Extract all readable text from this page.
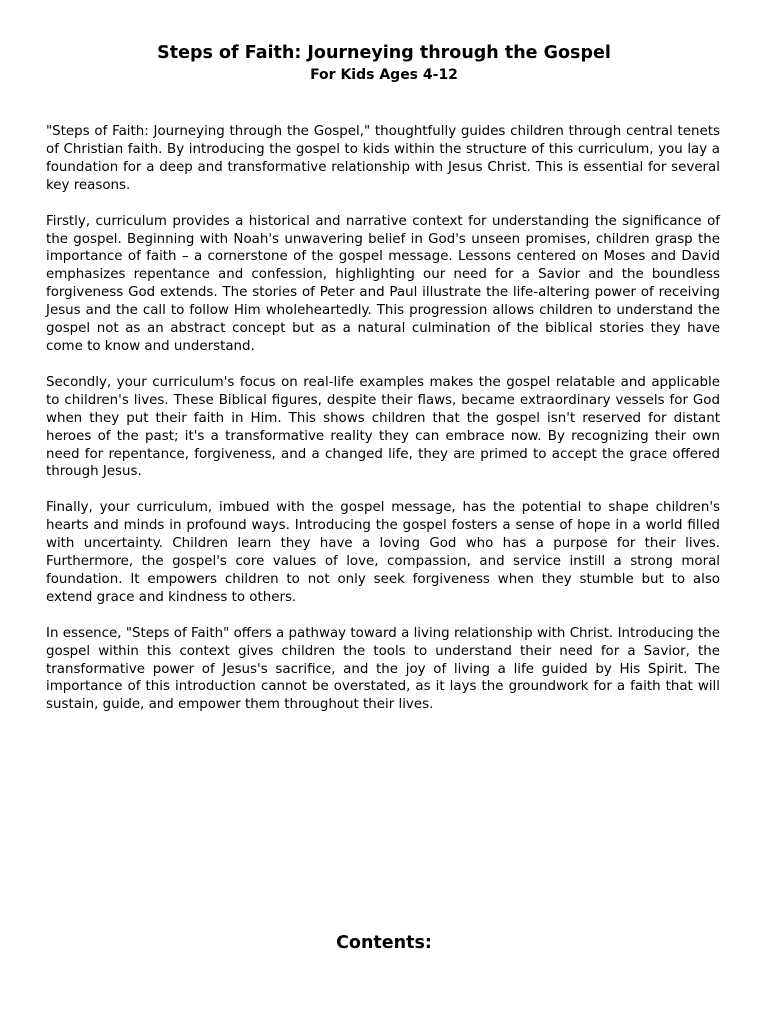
Steps of Faith: Journeying through the Gospel
For Kids Ages 4-12

"Steps of Faith: Journeying through the Gospel," thoughtfully guides children through central tenets of Christian faith. By introducing the gospel to kids within the structure of this curriculum, you lay a foundation for a deep and transformative relationship with Jesus Christ. This is essential for several key reasons.

Firstly, curriculum provides a historical and narrative context for understanding the significance of the gospel. Beginning with Noah's unwavering belief in God's unseen promises, children grasp the importance of faith – a cornerstone of the gospel message. Lessons centered on Moses and David emphasizes repentance and confession, highlighting our need for a Savior and the boundless forgiveness God extends. The stories of Peter and Paul illustrate the life-altering power of receiving Jesus and the call to follow Him wholeheartedly. This progression allows children to understand the gospel not as an abstract concept but as a natural culmination of the biblical stories they have come to know and understand.

Secondly, your curriculum's focus on real-life examples makes the gospel relatable and applicable to children's lives. These Biblical figures, despite their flaws, became extraordinary vessels for God when they put their faith in Him. This shows children that the gospel isn't reserved for distant heroes of the past; it's a transformative reality they can embrace now. By recognizing their own need for repentance, forgiveness, and a changed life, they are primed to accept the grace offered through Jesus.

Finally, your curriculum, imbued with the gospel message, has the potential to shape children's hearts and minds in profound ways. Introducing the gospel fosters a sense of hope in a world filled with uncertainty. Children learn they have a loving God who has a purpose for their lives. Furthermore, the gospel's core values of love, compassion, and service instill a strong moral foundation. It empowers children to not only seek forgiveness when they stumble but to also extend grace and kindness to others.

In essence, "Steps of Faith" offers a pathway toward a living relationship with Christ. Introducing the gospel within this context gives children the tools to understand their need for a Savior, the transformative power of Jesus's sacrifice, and the joy of living a life guided by His Spirit. The importance of this introduction cannot be overstated, as it lays the groundwork for a faith that will sustain, guide, and empower them throughout their lives.

Contents:
